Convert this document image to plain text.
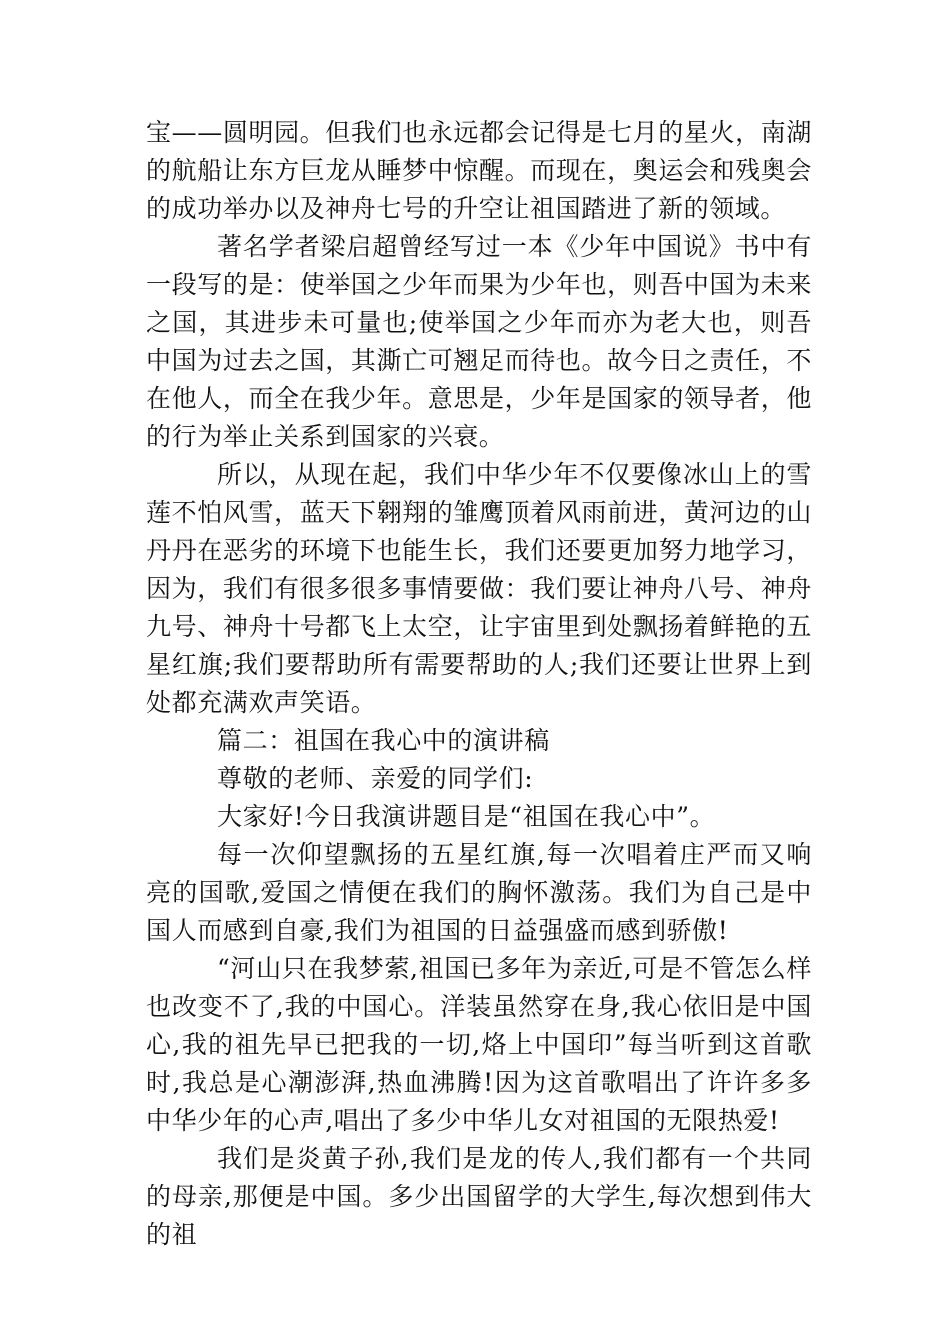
宝——圆明园。但我们也永远都会记得是七月的星火，南湖的航船让东方巨龙从睡梦中惊醒。而现在，奥运会和残奥会的成功举办以及神舟七号的升空让祖国踏进了新的领域。

著名学者梁启超曾经写过一本《少年中国说》书中有一段写的是：使举国之少年而果为少年也，则吾中国为未来之国，其进步未可量也;使举国之少年而亦为老大也，则吾中国为过去之国，其澌亡可翘足而待也。故今日之责任，不在他人，而全在我少年。意思是，少年是国家的领导者，他的行为举止关系到国家的兴衰。

所以，从现在起，我们中华少年不仅要像冰山上的雪莲不怕风雪，蓝天下翱翔的雏鹰顶着风雨前进，黄河边的山丹丹在恶劣的环境下也能生长，我们还要更加努力地学习，因为，我们有很多很多事情要做：我们要让神舟八号、神舟九号、神舟十号都飞上太空，让宇宙里到处飘扬着鲜艳的五星红旗;我们要帮助所有需要帮助的人;我们还要让世界上到处都充满欢声笑语。

篇二：祖国在我心中的演讲稿

尊敬的老师、亲爱的同学们:

大家好!今日我演讲题目是“祖国在我心中”。

每一次仰望飘扬的五星红旗,每一次唱着庄严而又响亮的国歌,爱国之情便在我们的胸怀激荡。我们为自己是中国人而感到自豪,我们为祖国的日益强盛而感到骄傲!

“河山只在我梦萦,祖国已多年为亲近,可是不管怎么样也改变不了,我的中国心。洋装虽然穿在身,我心依旧是中国心,我的祖先早已把我的一切,烙上中国印”每当听到这首歌时,我总是心潮澎湃,热血沸腾!因为这首歌唱出了许许多多中华少年的心声,唱出了多少中华儿女对祖国的无限热爱!

我们是炎黄子孙,我们是龙的传人,我们都有一个共同的母亲,那便是中国。多少出国留学的大学生,每次想到伟大的祖
